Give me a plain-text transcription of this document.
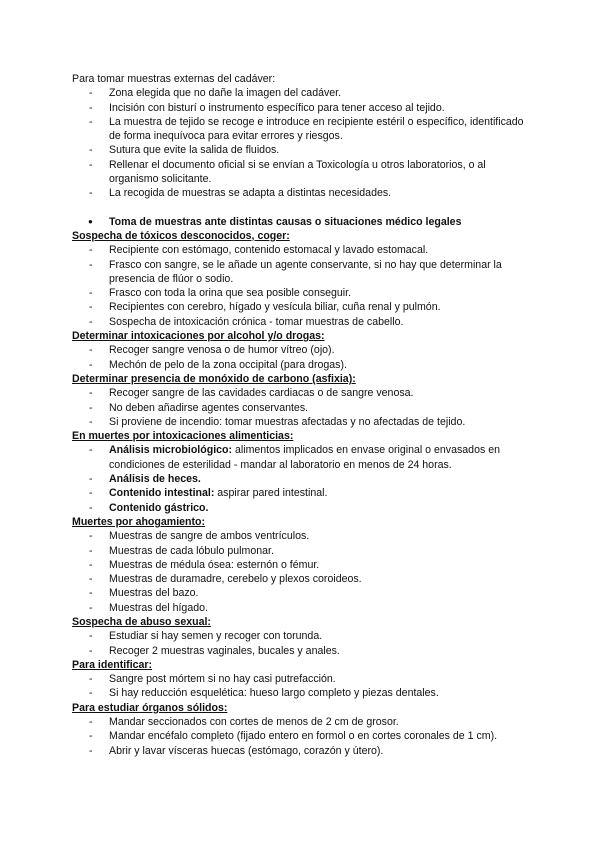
Para tomar muestras externas del cadáver:

- Zona elegida que no dañe la imagen del cadáver.
- Incisión con bisturí o instrumento específico para tener acceso al tejido.
- La muestra de tejido se recoge e introduce en recipiente estéril o específico, identificado de forma inequívoca para evitar errores y riesgos.
- Sutura que evite la salida de fluidos.
- Rellenar el documento oficial si se envían a Toxicología u otros laboratorios, o al organismo solicitante.
- La recogida de muestras se adapta a distintas necesidades.
● Toma de muestras ante distintas causas o situaciones médico legales

Sospecha de tóxicos desconocidos, coger:

- Recipiente con estómago, contenido estomacal y lavado estomacal.
- Frasco con sangre, se le añade un agente conservante, si no hay que determinar la presencia de flúor o sodio.
- Frasco con toda la orina que sea posible conseguir.
- Recipientes con cerebro, hígado y vesícula biliar, cuña renal y pulmón.
- Sospecha de intoxicación crónica - tomar muestras de cabello.

Determinar intoxicaciones por alcohol y/o drogas:

- Recoger sangre venosa o de humor vítreo (ojo).
- Mechón de pelo de la zona occipital (para drogas).

Determinar presencia de monóxido de carbono (asfixia):

- Recoger sangre de las cavidades cardiacas o de sangre venosa.
- No deben añadirse agentes conservantes.
- Si proviene de incendio: tomar muestras afectadas y no afectadas de tejido.

En muertes por intoxicaciones alimenticias:

- Análisis microbiológico: alimentos implicados en envase original o envasados en condiciones de esterilidad - mandar al laboratorio en menos de 24 horas.
- Análisis de heces.
- Contenido intestinal: aspirar pared intestinal.
- Contenido gástrico.

Muertes por ahogamiento:

- Muestras de sangre de ambos ventrículos.
- Muestras de cada lóbulo pulmonar.
- Muestras de médula ósea: esternón o fémur.
- Muestras de duramadre, cerebelo y plexos coroideos.
- Muestras del bazo.
- Muestras del hígado.

Sospecha de abuso sexual:

- Estudiar si hay semen y recoger con torunda.
- Recoger 2 muestras vaginales, bucales y anales.

Para identificar:

- Sangre post mórtem si no hay casi putrefacción.
- Si hay reducción esquelética: hueso largo completo y piezas dentales.

Para estudiar órganos sólidos:

- Mandar seccionados con cortes de menos de 2 cm de grosor.
- Mandar encéfalo completo (fijado entero en formol o en cortes coronales de 1 cm).
- Abrir y lavar vísceras huecas (estómago, corazón y útero).
